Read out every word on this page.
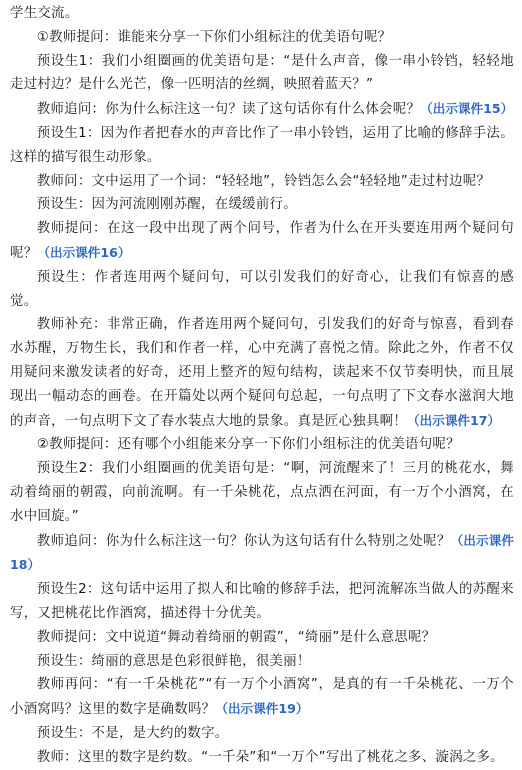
学生交流。

①教师提问：谁能来分享一下你们小组标注的优美语句呢？

预设生1：我们小组圈画的优美语句是：“是什么声音，像一串小铃铛，轻轻地走过村边？是什么光芒，像一匹明洁的丝绸，映照着蓝天？”

教师追问：你为什么标注这一句？读了这句话你有什么体会呢？（出示课件15）

预设生1：因为作者把春水的声音比作了一串小铃铛，运用了比喻的修辞手法。这样的描写很生动形象。

教师问：文中运用了一个词：“轻轻地”，铃铛怎么会“轻轻地”走过村边呢？

预设生：因为河流刚刚苏醒，在缓缓前行。

教师提问：在这一段中出现了两个问号，作者为什么在开头要连用两个疑问句呢？（出示课件16）

预设生：作者连用两个疑问句，可以引发我们的好奇心，让我们有惊喜的感觉。

教师补充：非常正确，作者连用两个疑问句，引发我们的好奇与惊喜，看到春水苏醒，万物生长，我们和作者一样，心中充满了喜悦之情。除此之外，作者不仅用疑问来激发读者的好奇，还用上整齐的短句结构，读起来不仅节奏明快，而且展现出一幅动态的画卷。在开篇处以两个疑问句总起，一句点明了下文春水滋润大地的声音，一句点明下文了春水装点大地的景象。真是匠心独具啊！（出示课件17）

②教师提问：还有哪个小组能来分享一下你们小组标注的优美语句呢？

预设生2：我们小组圈画的优美语句是：“啊，河流醒来了！三月的桃花水，舞动着绮丽的朝霞，向前流啊。有一千朵桃花，点点洒在河面，有一万个小酒窝，在水中回旋。”

教师追问：你为什么标注这一句？你认为这句话有什么特别之处呢？（出示课件18）

预设生2：这句话中运用了拟人和比喻的修辞手法，把河流解冻当做人的苏醒来写，又把桃花比作酒窝，描述得十分优美。

教师提问：文中说道“舞动着绮丽的朝霞”，“绮丽”是什么意思呢？

预设生：绮丽的意思是色彩很鲜艳，很美丽！

教师再问：“有一千朵桃花”“有一万个小酒窝”，是真的有一千朵桃花、一万个小酒窝吗？这里的数字是确数吗？（出示课件19）

预设生：不是，是大约的数字。

教师：这里的数字是约数。“一千朵”和“一万个”写出了桃花之多、漩涡之多。
